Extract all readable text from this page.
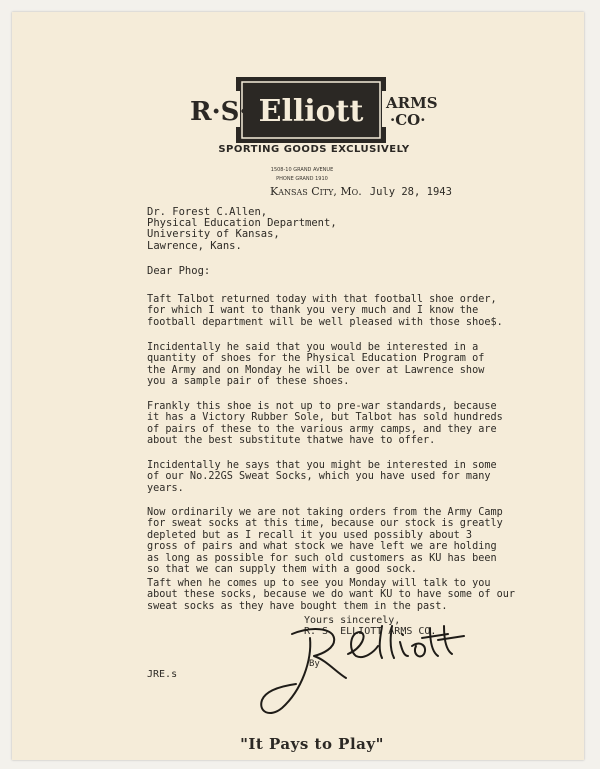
R·S· Elliott ARMS
·CO·
SPORTING GOODS EXCLUSIVELY
1508-10 GRAND AVENUE
PHONE GRAND 1910
Kansas City, Mo. July 28, 1943
Dr. Forest C.Allen,
Physical Education Department,
University of Kansas,
Lawrence, Kans.
Dear Phog:
Taft Talbot returned today with that football shoe order,
for which I want to thank you very much and I know the
football department will be well pleased with those shoe$.
Incidentally he said that you would be interested in a
quantity of shoes for the Physical Education Program of
the Army and on Monday he will be over at Lawrence show
you a sample pair of these shoes.
Frankly this shoe is not up to pre-war standards, because
it has a Victory Rubber Sole, but Talbot has sold hundreds
of pairs of these to the various army camps, and they are
about the best substitute thatwe have to offer.
Incidentally he says that you might be interested in some
of our No.22GS Sweat Socks, which you have used for many
years.
Now ordinarily we are not taking orders from the Army Camp
for sweat socks at this time, because our stock is greatly
depleted but as I recall it you used possibly about 3
gross of pairs and what stock we have left we are holding
as long as possible for such old customers as KU has been
so that we can supply them with a good sock.
Taft when he comes up to see you Monday will talk to you
about these socks, because we do want KU to have some of our
sweat socks as they have bought them in the past.
Yours sincerely,
R. S. ELLIOTT ARMS CO.
By
JRE.s
"It Pays to Play"
